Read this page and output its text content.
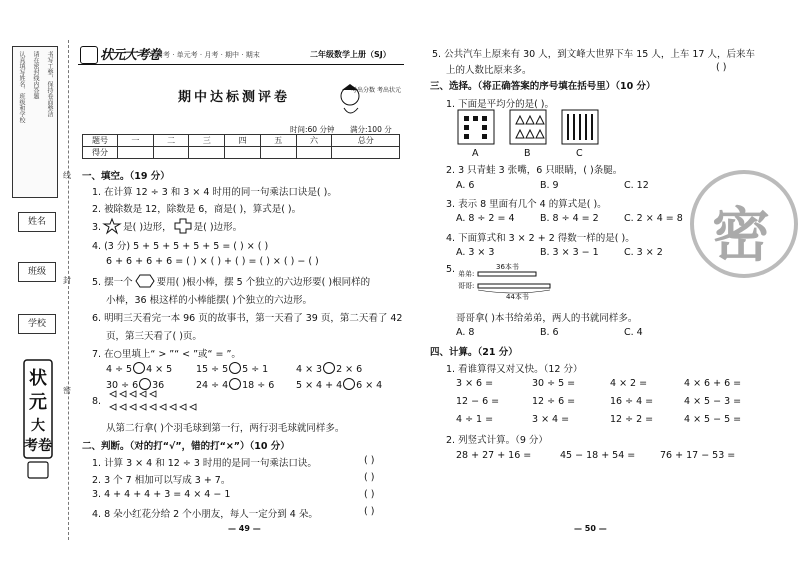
认真填写姓名、班级和学校 请在密封线内答题 书写工整，保持卷面整洁
姓名
班级
学校
线
封
密
状
元
大
考卷
状元大考卷
周考 · 单元考 · 月考 · 期中 · 期末	二年级数学上册（SJ）
期中达标测评卷	考出分数 考出状元
时间:60 分钟 满分:100 分
题号	一	二	三	四	五	六	总分
得分							
一、填空。（19 分）
1. 在计算 12 ÷ 3 和 3 × 4 时用的同一句乘法口诀是( )。
2. 被除数是 12，除数是 6，商是( )，算式是( )。
3. 是( )边形， 是( )边形。
4. (3 分) 5 + 5 + 5 + 5 + 5 = ( ) × ( )
6 + 6 + 6 + 6 = ( ) × ( ) + ( ) = ( ) × ( ) − ( )
5. 摆一个	要用( )根小棒，摆 5 个独立的六边形要( )根同样的
小棒，36 根这样的小棒能摆( )个独立的六边形。
6. 明明三天看完一本 96 页的故事书，第一天看了 39 页，第二天看了 42
页，第三天看了( )页。
7. 在○里填上“ > ”“ < ”或“ = ”。
4 ÷ 5 4 × 5	15 ÷ 5 5 ÷ 1	4 × 3 2 × 6
30 ÷ 6 36	24 ÷ 4 18 ÷ 6 5 × 4 + 4 6 × 4
8.
从第二行拿( )个羽毛球到第一行，两行羽毛球就同样多。
二、判断。（对的打“√”，错的打“×”）（10 分）
1. 计算 3 × 4 和 12 ÷ 3 时用的是同一句乘法口诀。	( )
2. 3 个 7 相加可以写成 3 + 7。	( )
3. 4 + 4 + 4 + 3 = 4 × 4 − 1	( )
4. 8 朵小红花分给 2 个小朋友，每人一定分到 4 朵。	( )
— 49 —
密
5. 公共汽车上原来有 30 人，到文峰大世界下车 15 人，上车 17 人，后来车
上的人数比原来多。	( )
三、选择。（将正确答案的序号填在括号里）（10 分）
1. 下面是平均分的是( )。
A	B	C
2. 3 只青蛙 3 张嘴，6 只眼睛，( )条腿。
A. 6	B. 9	C. 12
3. 表示 8 里面有几个 4 的算式是( )。
A. 8 ÷ 2 = 4	B. 8 ÷ 4 = 2	C. 2 × 4 = 8
4. 下面算式和 3 × 2 + 2 得数一样的是( )。
A. 3 × 3	B. 3 × 3 − 1	C. 3 × 2
5. 弟弟:
哥哥:
36本书
44本书
哥哥拿( )本书给弟弟，两人的书就同样多。
A. 8	B. 6	C. 4
四、计算。（21 分）
1. 看谁算得又对又快。（12 分）
3 × 6 =	30 ÷ 5 =	4 × 2 =	4 × 6 + 6 =
12 − 6 =	12 ÷ 6 =	16 ÷ 4 =	4 × 5 − 3 =
4 ÷ 1 =	3 × 4 =	12 ÷ 2 =	4 × 5 − 5 =
2. 列竖式计算。（9 分）
28 + 27 + 16 =	45 − 18 + 54 =	76 + 17 − 53 =
— 50 —
